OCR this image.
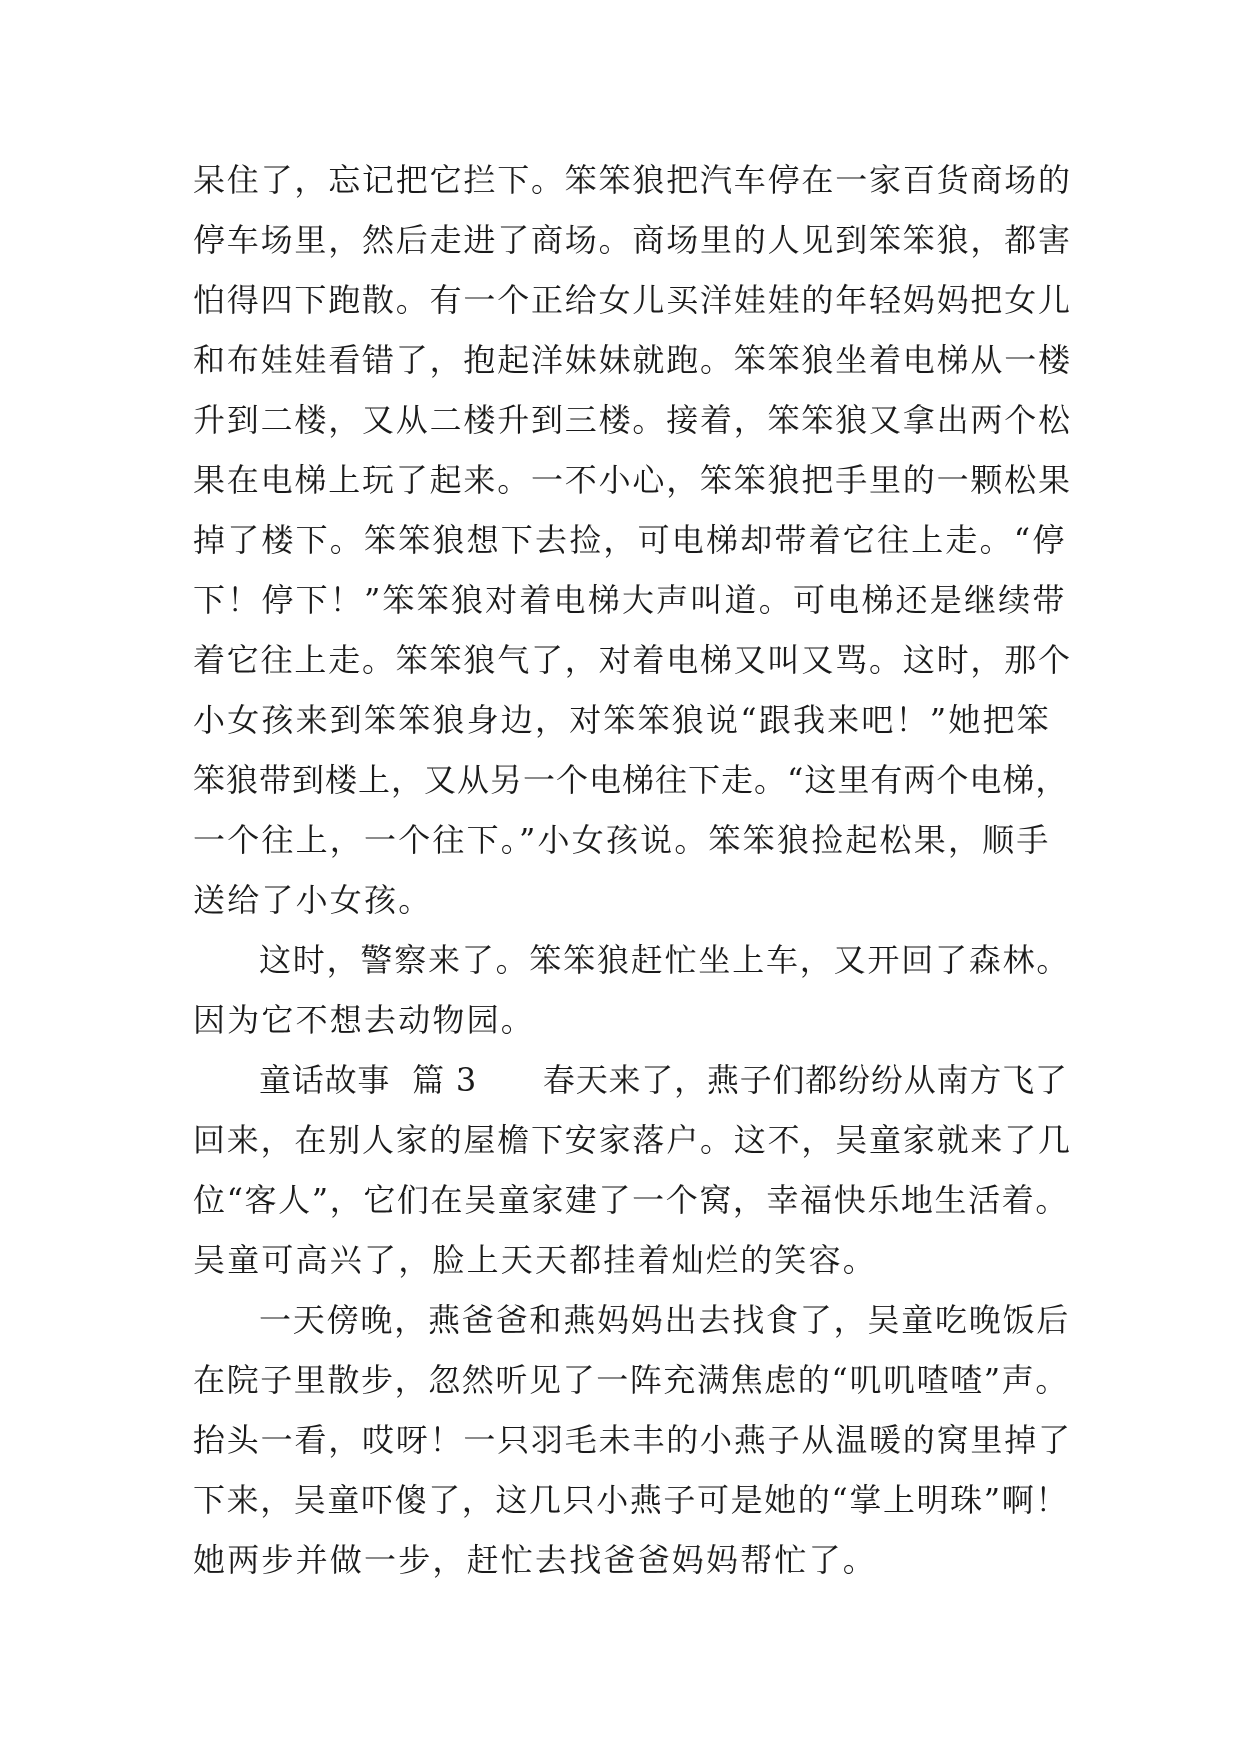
呆住了，忘记把它拦下。笨笨狼把汽车停在一家百货商场的
停车场里，然后走进了商场。商场里的人见到笨笨狼，都害
怕得四下跑散。有一个正给女儿买洋娃娃的年轻妈妈把女儿
和布娃娃看错了，抱起洋妹妹就跑。笨笨狼坐着电梯从一楼
升到二楼，又从二楼升到三楼。接着，笨笨狼又拿出两个松
果在电梯上玩了起来。一不小心，笨笨狼把手里的一颗松果
掉了楼下。笨笨狼想下去捡，可电梯却带着它往上走。“停
下！停下！”笨笨狼对着电梯大声叫道。可电梯还是继续带
着它往上走。笨笨狼气了，对着电梯又叫又骂。这时，那个
小女孩来到笨笨狼身边，对笨笨狼说“跟我来吧！”她把笨
笨狼带到楼上，又从另一个电梯往下走。“这里有两个电梯，
一个往上，一个往下。”小女孩说。笨笨狼捡起松果，顺手
送给了小女孩。
这时，警察来了。笨笨狼赶忙坐上车，又开回了森林。
因为它不想去动物园。
童话故事  篇 3      春天来了，燕子们都纷纷从南方飞了
回来，在别人家的屋檐下安家落户。这不，吴童家就来了几
位“客人”，它们在吴童家建了一个窝，幸福快乐地生活着。
吴童可高兴了，脸上天天都挂着灿烂的笑容。
一天傍晚，燕爸爸和燕妈妈出去找食了，吴童吃晚饭后
在院子里散步，忽然听见了一阵充满焦虑的“叽叽喳喳”声。
抬头一看，哎呀！一只羽毛未丰的小燕子从温暖的窝里掉了
下来，吴童吓傻了，这几只小燕子可是她的“掌上明珠”啊！
她两步并做一步，赶忙去找爸爸妈妈帮忙了。
